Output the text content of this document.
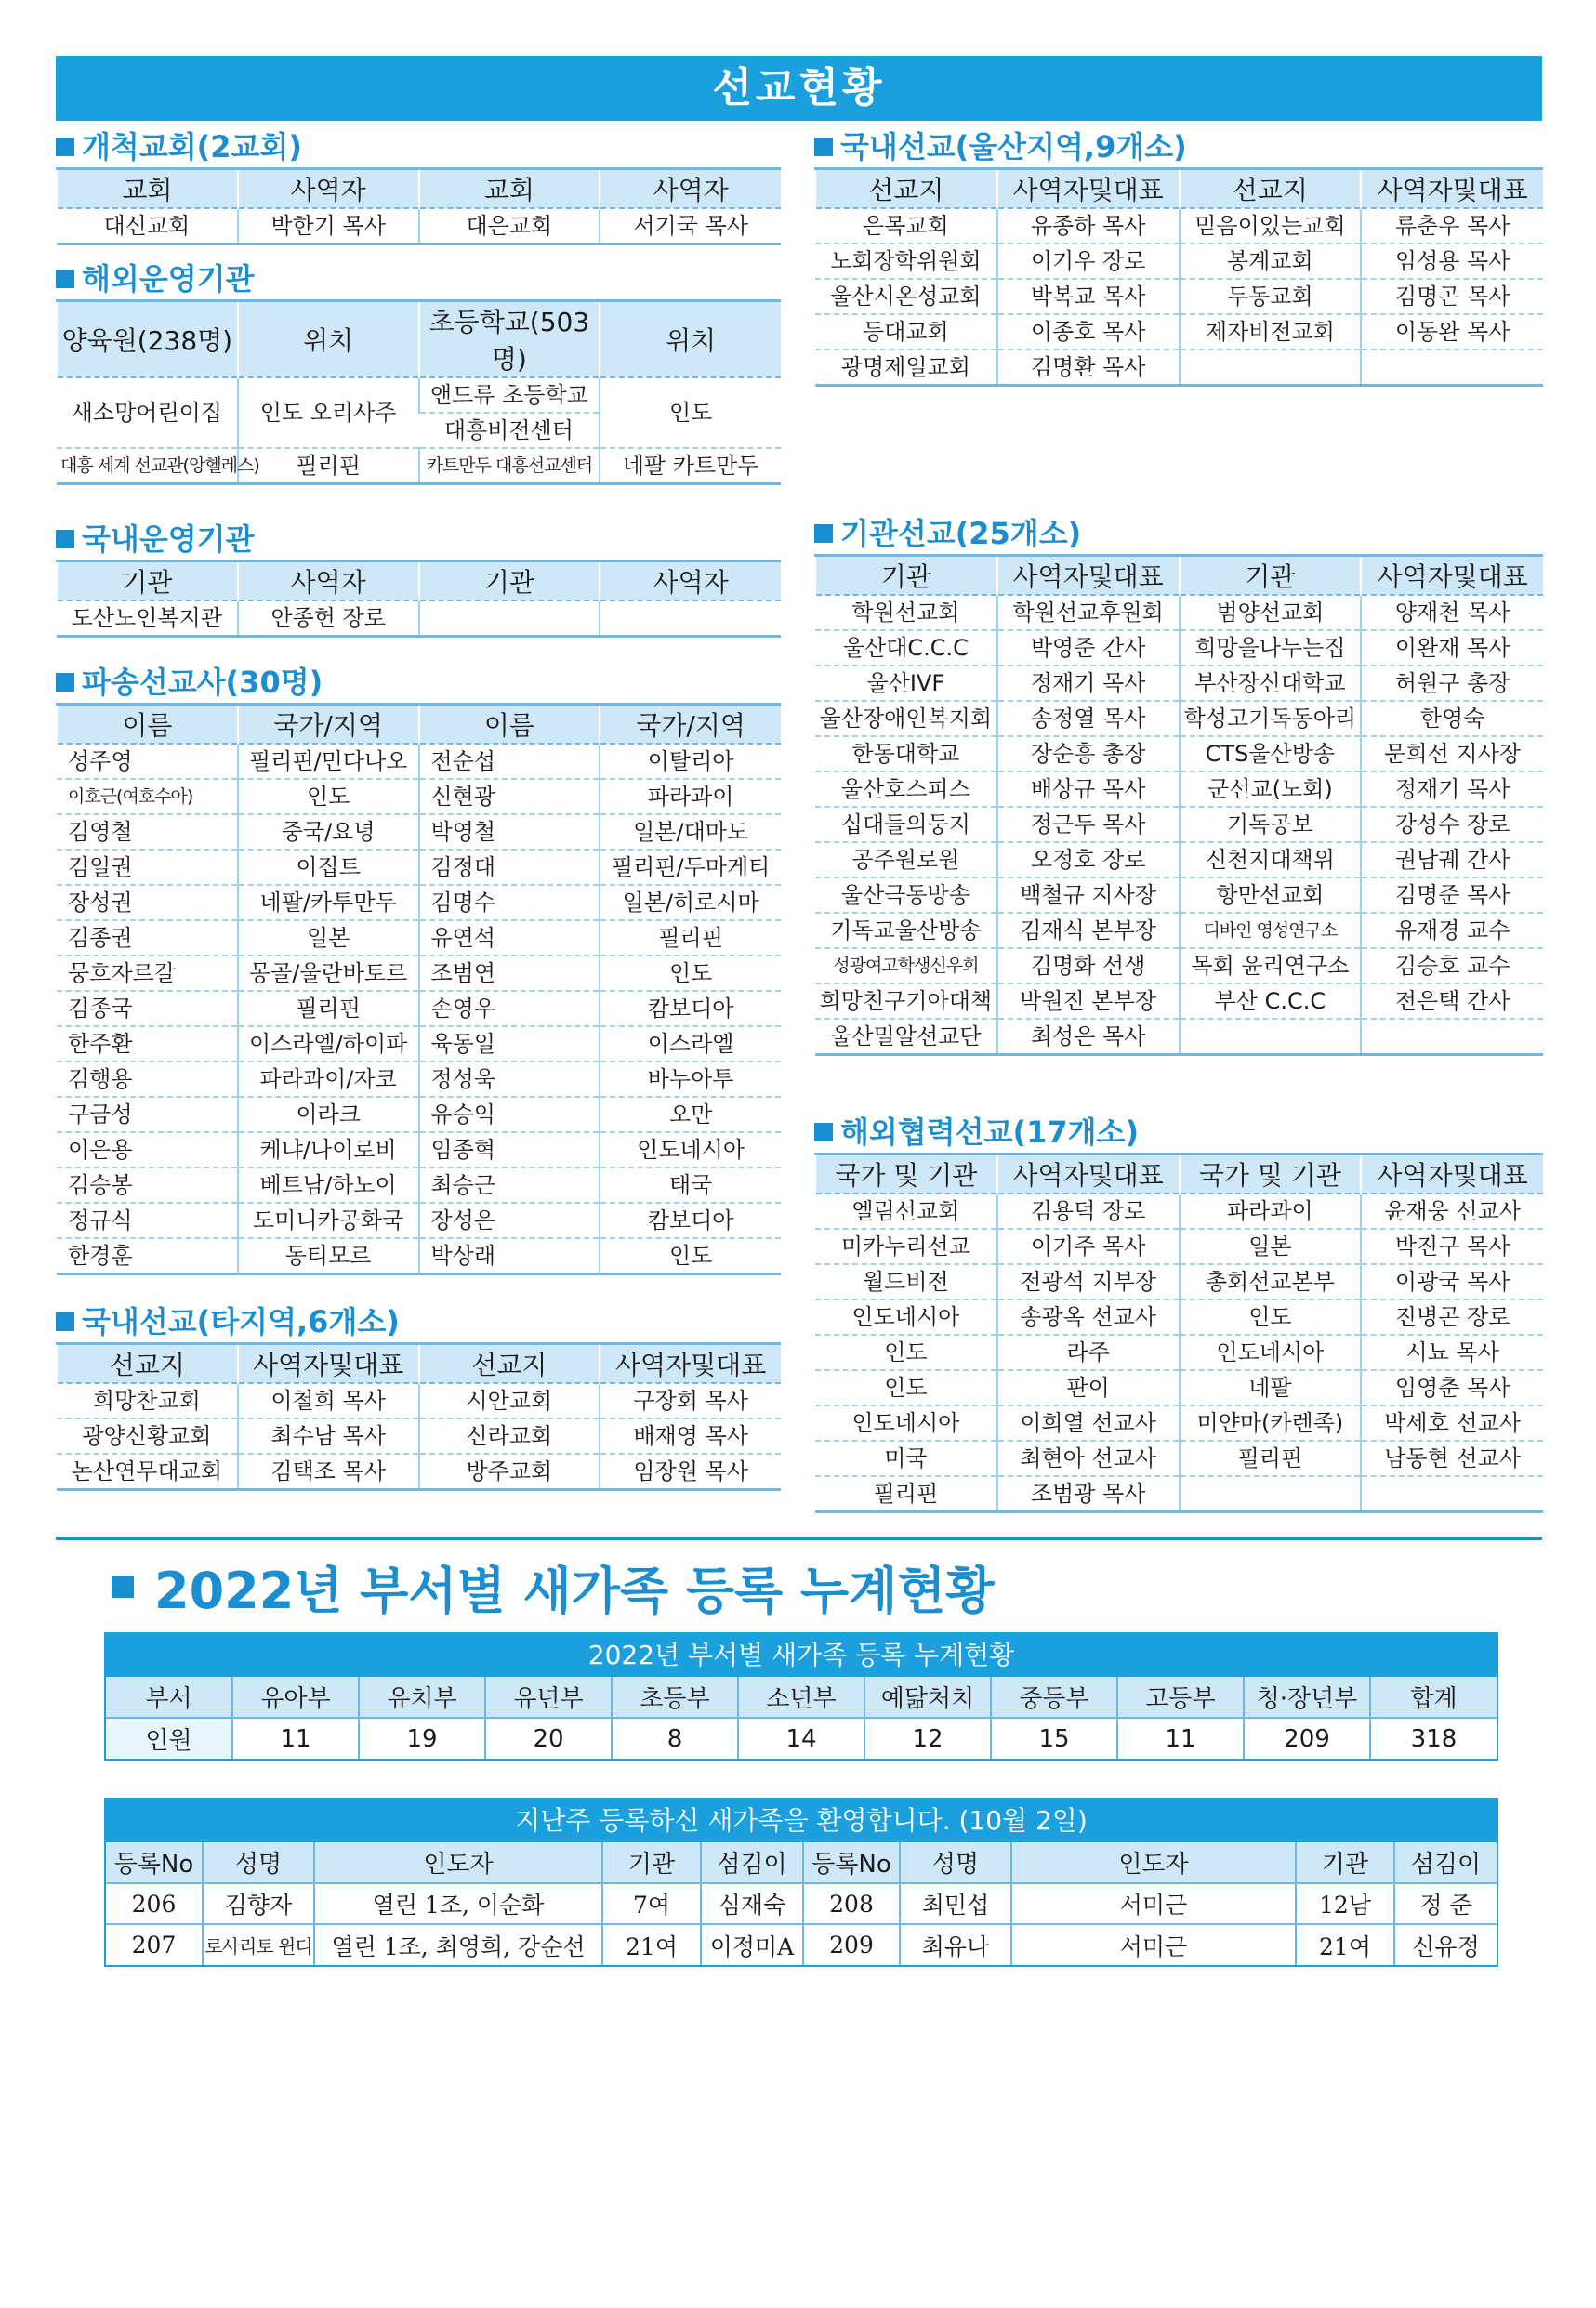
선교현황
개척교회(2교회)
교회	사역자	교회	사역자
대신교회	박한기 목사	대은교회	서기국 목사
해외운영기관
양육원(238명)	위치	초등학교(503명)	위치
새소망어린이집	인도 오리사주	앤드류 초등학교	인도
		대흥비전센터	
대흥 세계 선교관(앙헬레스)	필리핀	카트만두 대흥선교센터	네팔 카트만두
국내운영기관
기관	사역자	기관	사역자
도산노인복지관	안종헌 장로		
파송선교사(30명)
이름	국가/지역	이름	국가/지역
성주영	필리핀/민다나오	전순섭	이탈리아
이호근(여호수아)	인도	신현광	파라과이
김영철	중국/요녕	박영철	일본/대마도
김일권	이집트	김정대	필리핀/두마게티
장성권	네팔/카투만두	김명수	일본/히로시마
김종권	일본	유연석	필리핀
뭉흐자르갈	몽골/울란바토르	조범연	인도
김종국	필리핀	손영우	캄보디아
한주환	이스라엘/하이파	육동일	이스라엘
김행용	파라과이/자코	정성욱	바누아투
구금성	이라크	유승익	오만
이은용	케냐/나이로비	임종혁	인도네시아
김승봉	베트남/하노이	최승근	태국
정규식	도미니카공화국	장성은	캄보디아
한경훈	동티모르	박상래	인도
국내선교(타지역,6개소)
선교지	사역자및대표	선교지	사역자및대표
희망찬교회	이철희 목사	시안교회	구장회 목사
광양신황교회	최수남 목사	신라교회	배재영 목사
논산연무대교회	김택조 목사	방주교회	임장원 목사
국내선교(울산지역,9개소)
선교지	사역자및대표	선교지	사역자및대표
은목교회	유종하 목사	믿음이있는교회	류춘우 목사
노회장학위원회	이기우 장로	봉계교회	임성용 목사
울산시온성교회	박복교 목사	두동교회	김명곤 목사
등대교회	이종호 목사	제자비전교회	이동완 목사
광명제일교회	김명환 목사		
기관선교(25개소)
기관	사역자및대표	기관	사역자및대표
학원선교회	학원선교후원회	범양선교회	양재천 목사
울산대C.C.C	박영준 간사	희망을나누는집	이완재 목사
울산IVF	정재기 목사	부산장신대학교	허원구 총장
울산장애인복지회	송정열 목사	학성고기독동아리	한영숙
한동대학교	장순흥 총장	CTS울산방송	문희선 지사장
울산호스피스	배상규 목사	군선교(노회)	정재기 목사
십대들의둥지	정근두 목사	기독공보	강성수 장로
공주원로원	오정호 장로	신천지대책위	권남궤 간사
울산극동방송	백철규 지사장	항만선교회	김명준 목사
기독교울산방송	김재식 본부장	디바인 영성연구소	유재경 교수
성광여고학생신우회	김명화 선생	목회 윤리연구소	김승호 교수
희망친구기아대책	박원진 본부장	부산 C.C.C	전은택 간사
울산밀알선교단	최성은 목사		
해외협력선교(17개소)
국가 및 기관	사역자및대표	국가 및 기관	사역자및대표
엘림선교회	김용덕 장로	파라과이	윤재웅 선교사
미카누리선교	이기주 목사	일본	박진구 목사
월드비전	전광석 지부장	총회선교본부	이광국 목사
인도네시아	송광옥 선교사	인도	진병곤 장로
인도	라주	인도네시아	시뇨 목사
인도	판이	네팔	임영춘 목사
인도네시아	이희열 선교사	미얀마(카렌족)	박세호 선교사
미국	최현아 선교사	필리핀	남동현 선교사
필리핀	조범광 목사		
2022년 부서별 새가족 등록 누계현황
2022년 부서별 새가족 등록 누계현황
부서	유아부	유치부	유년부	초등부	소년부	예닮처치	중등부	고등부	청·장년부	합계
인원	11	19	20	8	14	12	15	11	209	318
지난주 등록하신 새가족을 환영합니다. (10월 2일)
등록No	성명	인도자	기관	섬김이	등록No	성명	인도자	기관	섬김이
206	김향자	열린 1조, 이순화	7여	심재숙	208	최민섭	서미근	12남	정 준
207	로사리토 윈디	열린 1조, 최영희, 강순선	21여	이정미A	209	최유나	서미근	21여	신유정
